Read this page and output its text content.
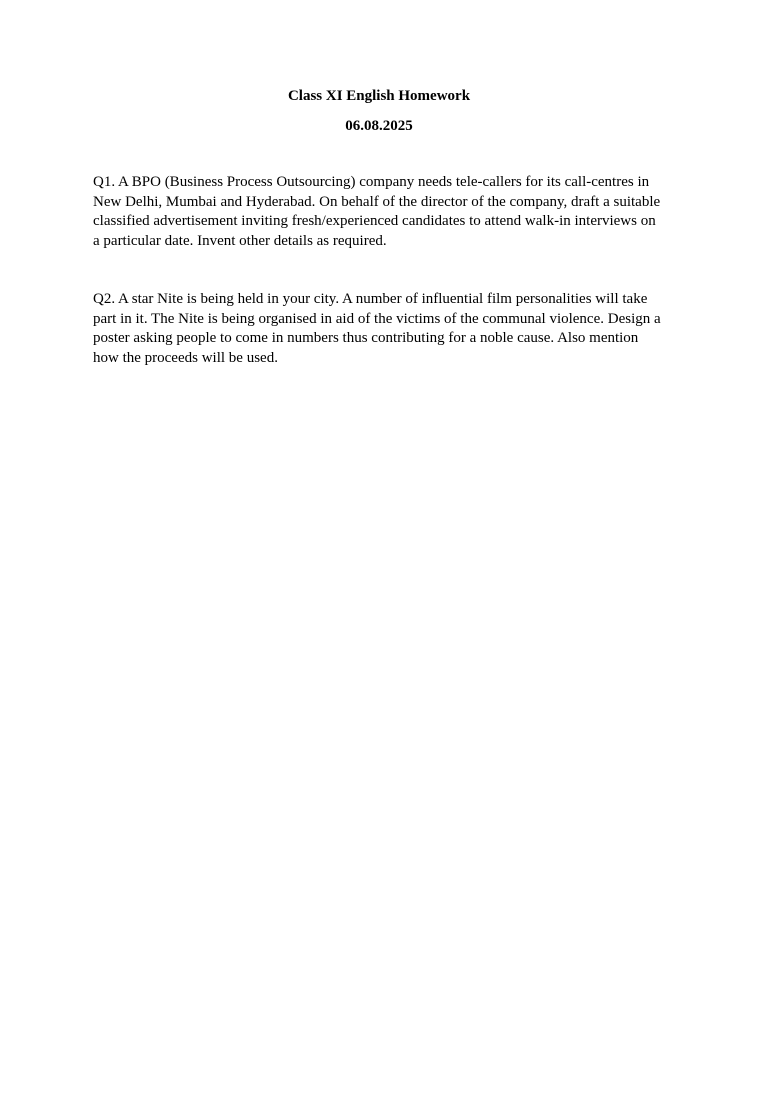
Class XI English Homework

06.08.2025

Q1. A BPO (Business Process Outsourcing) company needs tele-callers for its call-centres in New Delhi, Mumbai and Hyderabad. On behalf of the director of the company, draft a suitable classified advertisement inviting fresh/experienced candidates to attend walk-in interviews on a particular date. Invent other details as required.

Q2. A star Nite is being held in your city. A number of influential film personalities will take part in it. The Nite is being organised in aid of the victims of the communal violence. Design a poster asking people to come in numbers thus contributing for a noble cause. Also mention how the proceeds will be used.
